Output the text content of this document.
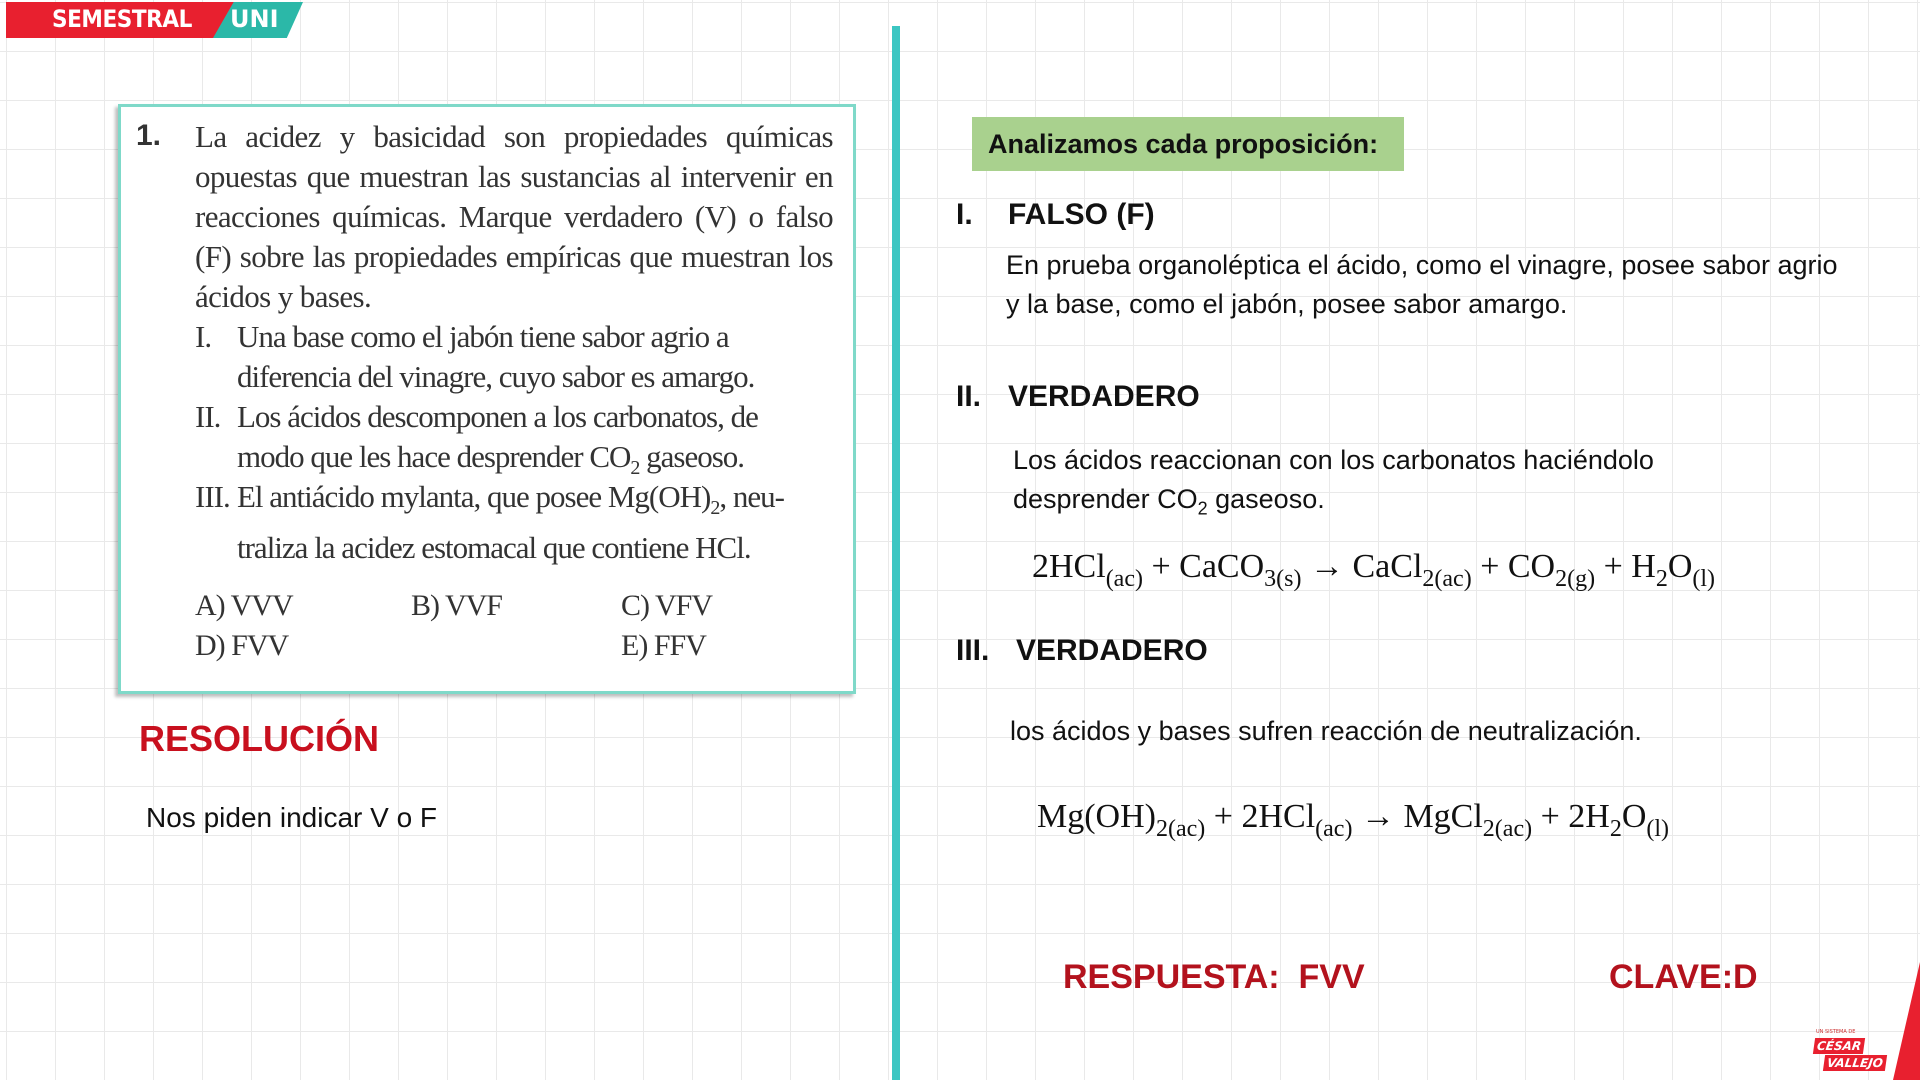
SEMESTRAL UNI
1. La acidez y basicidad son propiedades químicas opuestas que muestran las sustancias al intervenir en reacciones químicas. Marque verdadero (V) o falso (F) sobre las propiedades empíricas que muestran los ácidos y bases.
I. Una base como el jabón tiene sabor agrio a
diferencia del vinagre, cuyo sabor es amargo.
II. Los ácidos descomponen a los carbonatos, de
modo que les hace desprender $CO_2$ gaseoso.
III. El antiácido mylanta, que posee $Mg(OH)_2$, neu-
traliza la acidez estomacal que contiene HCl.
A) VVV	B) VVF	C) VFV
D) FVV	E) FFV
RESOLUCIÓN
Nos piden indicar V o F
Analizamos cada proposición:
I. FALSO (F)
En prueba organoléptica el ácido, como el vinagre, posee sabor agrio y la base, como el jabón, posee sabor amargo.
II. VERDADERO
Los ácidos reaccionan con los carbonatos haciéndolo
desprender $CO_2$ gaseoso.
2HCl$_{(ac)}$ + CaCO$_{3(s)}$ → CaCl$_{2(ac)}$ + $CO_{2(g)} + H_2O_{(l)}$
III. VERDADERO
los ácidos y bases sufren reacción de neutralización.
$Mg(OH)_{2(ac)} + 2HCl_{(ac)}$ → MgCl$_{2(ac)}$ + $2H_2O_{(l)}$
RESPUESTA:  FVV	CLAVE:D
UN SISTEMA DE
CÉSAR
VALLEJO
